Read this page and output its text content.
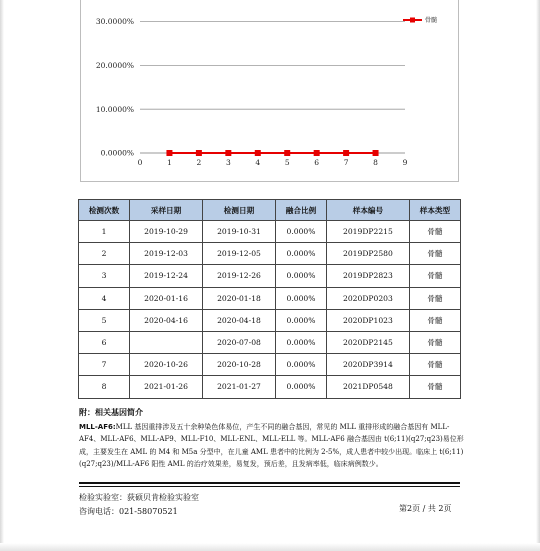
0.0000%
10.0000%
20.0000%
30.0000%
0	1	2	3	4	5	6	7	8	9
骨髓
检测次数	采样日期	检测日期	融合比例	样本编号	样本类型
1	2019-10-29	2019-10-31	0.000%	2019DP2215	骨髓
2	2019-12-03	2019-12-05	0.000%	2019DP2580	骨髓
3	2019-12-24	2019-12-26	0.000%	2019DP2823	骨髓
4	2020-01-16	2020-01-18	0.000%	2020DP0203	骨髓
5	2020-04-16	2020-04-18	0.000%	2020DP1023	骨髓
6		2020-07-08	0.000%	2020DP2145	骨髓
7	2020-10-26	2020-10-28	0.000%	2020DP3914	骨髓
8	2021-01-26	2021-01-27	0.000%	2021DP0548	骨髓
附：相关基因简介
MLL-AF6:MLL 基因重排涉及五十余种染色体易位，产生不同的融合基因，常见的 MLL 重排形成的融合基因有 MLL-AF4、MLL-AF6、MLL-AF9、MLL-F10、MLL-ENL、MLL-ELL 等。MLL-AF6 融合基因由 t(6;11)(q27;q23)易位形成，主要发生在 AML 的 M4 和 M5a 分型中，在儿童 AML 患者中的比例为 2-5%，成人患者中较少出现。临床上 t(6;11)(q27;q23)/MLL-AF6 阳性 AML 的治疗效果差，易复发，预后差，且发病率低，临床病例数少。
检验实验室：荻硕贝肯检验实验室
咨询电话：021-58070521	第2页 / 共 2页
